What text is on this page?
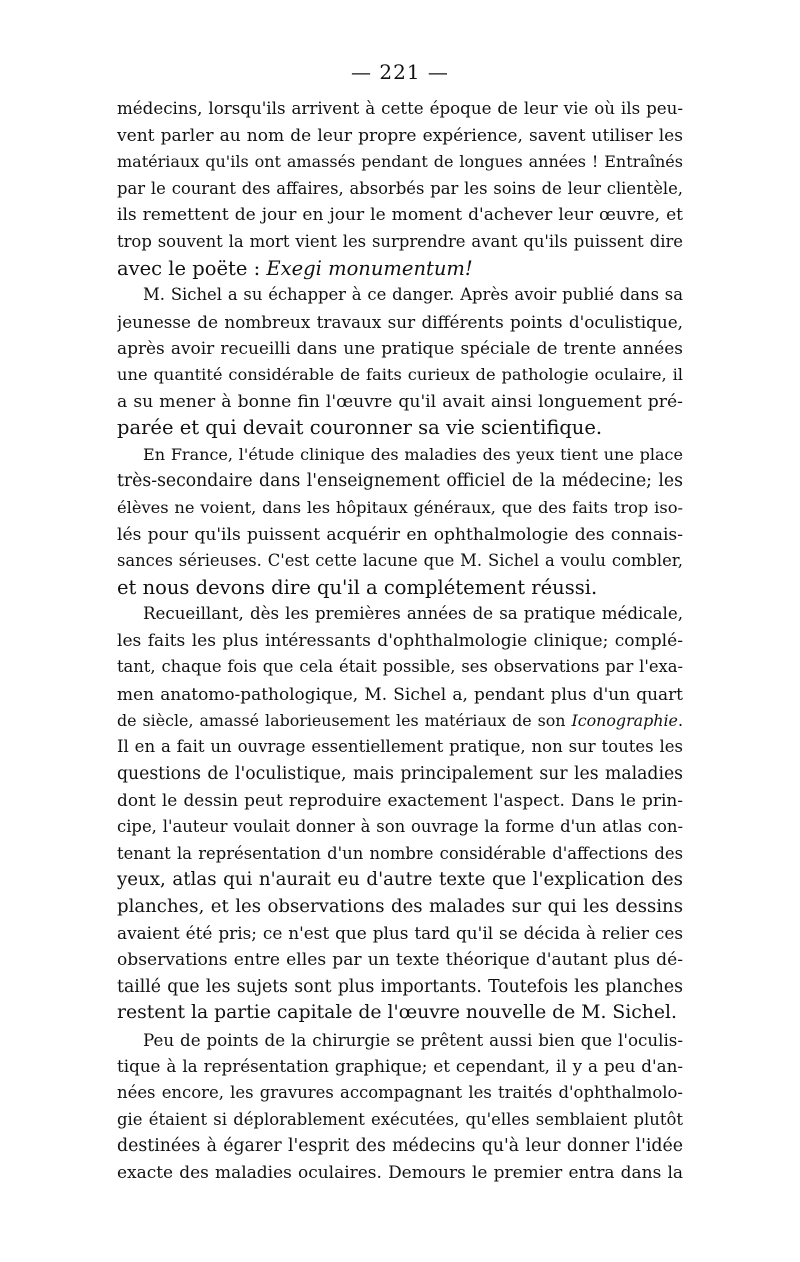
— 221 —
médecins, lorsqu'ils arrivent à cette époque de leur vie où ils peu-
vent parler au nom de leur propre expérience, savent utiliser les
matériaux qu'ils ont amassés pendant de longues années ! Entraînés
par le courant des affaires, absorbés par les soins de leur clientèle,
ils remettent de jour en jour le moment d'achever leur œuvre, et
trop souvent la mort vient les surprendre avant qu'ils puissent dire
avec le poëte : Exegi monumentum!
M. Sichel a su échapper à ce danger. Après avoir publié dans sa
jeunesse de nombreux travaux sur différents points d'oculistique,
après avoir recueilli dans une pratique spéciale de trente années
une quantité considérable de faits curieux de pathologie oculaire, il
a su mener à bonne fin l'œuvre qu'il avait ainsi longuement pré-
parée et qui devait couronner sa vie scientifique.
En France, l'étude clinique des maladies des yeux tient une place
très-secondaire dans l'enseignement officiel de la médecine; les
élèves ne voient, dans les hôpitaux généraux, que des faits trop iso-
lés pour qu'ils puissent acquérir en ophthalmologie des connais-
sances sérieuses. C'est cette lacune que M. Sichel a voulu combler,
et nous devons dire qu'il a complétement réussi.
Recueillant, dès les premières années de sa pratique médicale,
les faits les plus intéressants d'ophthalmologie clinique; complé-
tant, chaque fois que cela était possible, ses observations par l'exa-
men anatomo-pathologique, M. Sichel a, pendant plus d'un quart
de siècle, amassé laborieusement les matériaux de son Iconographie.
Il en a fait un ouvrage essentiellement pratique, non sur toutes les
questions de l'oculistique, mais principalement sur les maladies
dont le dessin peut reproduire exactement l'aspect. Dans le prin-
cipe, l'auteur voulait donner à son ouvrage la forme d'un atlas con-
tenant la représentation d'un nombre considérable d'affections des
yeux, atlas qui n'aurait eu d'autre texte que l'explication des
planches, et les observations des malades sur qui les dessins
avaient été pris; ce n'est que plus tard qu'il se décida à relier ces
observations entre elles par un texte théorique d'autant plus dé-
taillé que les sujets sont plus importants. Toutefois les planches
restent la partie capitale de l'œuvre nouvelle de M. Sichel.
Peu de points de la chirurgie se prêtent aussi bien que l'oculis-
tique à la représentation graphique; et cependant, il y a peu d'an-
nées encore, les gravures accompagnant les traités d'ophthalmolo-
gie étaient si déplorablement exécutées, qu'elles semblaient plutôt
destinées à égarer l'esprit des médecins qu'à leur donner l'idée
exacte des maladies oculaires. Demours le premier entra dans la
